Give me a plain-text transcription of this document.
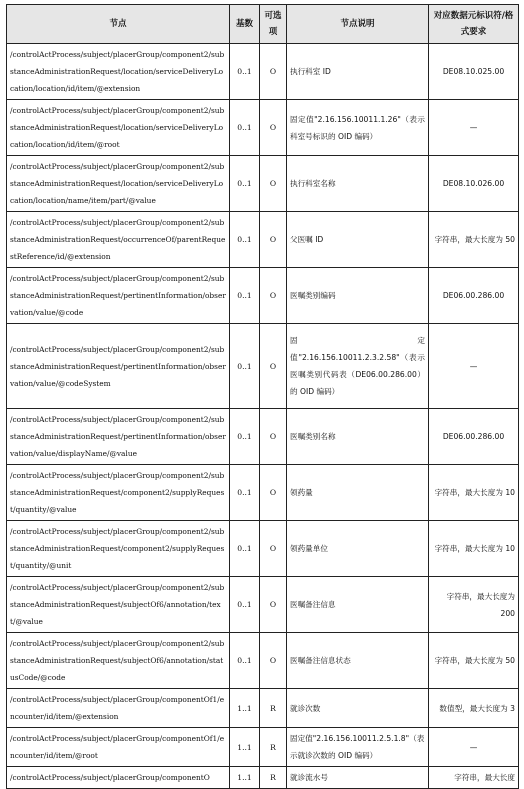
节点	基数	可选项	节点说明	对应数据元标识符/格式要求
/controlActProcess/subject/placerGroup/component2/substanceAdministrationRequest/location/serviceDeliveryLocation/location/id/item/@extension	0..1	O	执行科室 ID	DE08.10.025.00
/controlActProcess/subject/placerGroup/component2/substanceAdministrationRequest/location/serviceDeliveryLocation/location/id/item/@root	0..1	O	固定值"2.16.156.10011.1.26"（表示科室号标识的 OID 编码）	—
/controlActProcess/subject/placerGroup/component2/substanceAdministrationRequest/location/serviceDeliveryLocation/location/name/item/part/@value	0..1	O	执行科室名称	DE08.10.026.00
/controlActProcess/subject/placerGroup/component2/substanceAdministrationRequest/occurrenceOf/parentRequestReference/id/@extension	0..1	O	父医嘱 ID	字符串，最大长度为 50
/controlActProcess/subject/placerGroup/component2/substanceAdministrationRequest/pertinentInformation/observation/value/@code	0..1	O	医嘱类别编码	DE06.00.286.00
/controlActProcess/subject/placerGroup/component2/substanceAdministrationRequest/pertinentInformation/observation/value/@codeSystem	0..1	O	固定值"2.16.156.10011.2.3.2.58"（表示医嘱类别代码表（DE06.00.286.00）的 OID 编码）	—
/controlActProcess/subject/placerGroup/component2/substanceAdministrationRequest/pertinentInformation/observation/value/displayName/@value	0..1	O	医嘱类别名称	DE06.00.286.00
/controlActProcess/subject/placerGroup/component2/substanceAdministrationRequest/component2/supplyRequest/quantity/@value	0..1	O	领药量	字符串，最大长度为 10
/controlActProcess/subject/placerGroup/component2/substanceAdministrationRequest/component2/supplyRequest/quantity/@unit	0..1	O	领药量单位	字符串，最大长度为 10
/controlActProcess/subject/placerGroup/component2/substanceAdministrationRequest/subjectOf6/annotation/text/@value	0..1	O	医嘱备注信息	字符串，最大长度为 200
/controlActProcess/subject/placerGroup/component2/substanceAdministrationRequest/subjectOf6/annotation/statusCode/@code	0..1	O	医嘱备注信息状态	字符串，最大长度为 50
/controlActProcess/subject/placerGroup/componentOf1/encounter/id/item/@extension	1..1	R	就诊次数	数值型，最大长度为 3
/controlActProcess/subject/placerGroup/componentOf1/encounter/id/item/@root	1..1	R	固定值"2.16.156.10011.2.5.1.8"（表示就诊次数的 OID 编码）	—
/controlActProcess/subject/placerGroup/componentO	1..1	R	就诊流水号	字符串，最大长度
